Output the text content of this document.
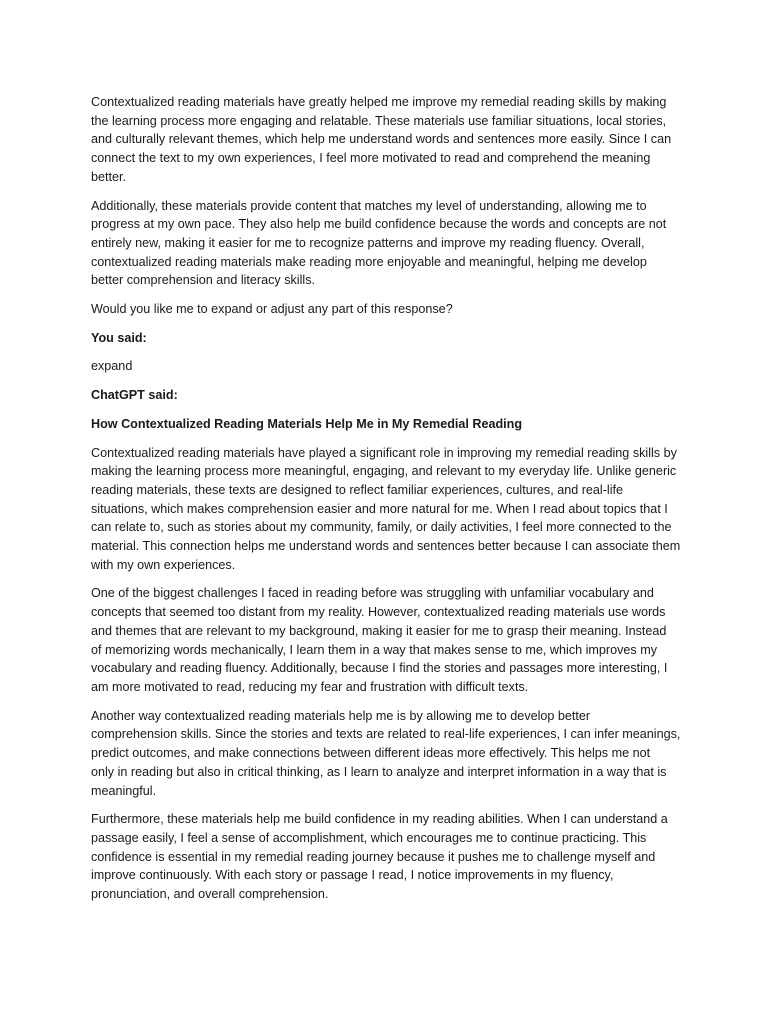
Contextualized reading materials have greatly helped me improve my remedial reading skills by making
the learning process more engaging and relatable. These materials use familiar situations, local stories,
and culturally relevant themes, which help me understand words and sentences more easily. Since I can
connect the text to my own experiences, I feel more motivated to read and comprehend the meaning
better.

Additionally, these materials provide content that matches my level of understanding, allowing me to
progress at my own pace. They also help me build confidence because the words and concepts are not
entirely new, making it easier for me to recognize patterns and improve my reading fluency. Overall,
contextualized reading materials make reading more enjoyable and meaningful, helping me develop
better comprehension and literacy skills.

Would you like me to expand or adjust any part of this response?

You said:

expand

ChatGPT said:

How Contextualized Reading Materials Help Me in My Remedial Reading

Contextualized reading materials have played a significant role in improving my remedial reading skills by
making the learning process more meaningful, engaging, and relevant to my everyday life. Unlike generic
reading materials, these texts are designed to reflect familiar experiences, cultures, and real-life
situations, which makes comprehension easier and more natural for me. When I read about topics that I
can relate to, such as stories about my community, family, or daily activities, I feel more connected to the
material. This connection helps me understand words and sentences better because I can associate them
with my own experiences.

One of the biggest challenges I faced in reading before was struggling with unfamiliar vocabulary and
concepts that seemed too distant from my reality. However, contextualized reading materials use words
and themes that are relevant to my background, making it easier for me to grasp their meaning. Instead
of memorizing words mechanically, I learn them in a way that makes sense to me, which improves my
vocabulary and reading fluency. Additionally, because I find the stories and passages more interesting, I
am more motivated to read, reducing my fear and frustration with difficult texts.

Another way contextualized reading materials help me is by allowing me to develop better
comprehension skills. Since the stories and texts are related to real-life experiences, I can infer meanings,
predict outcomes, and make connections between different ideas more effectively. This helps me not
only in reading but also in critical thinking, as I learn to analyze and interpret information in a way that is
meaningful.

Furthermore, these materials help me build confidence in my reading abilities. When I can understand a
passage easily, I feel a sense of accomplishment, which encourages me to continue practicing. This
confidence is essential in my remedial reading journey because it pushes me to challenge myself and
improve continuously. With each story or passage I read, I notice improvements in my fluency,
pronunciation, and overall comprehension.
